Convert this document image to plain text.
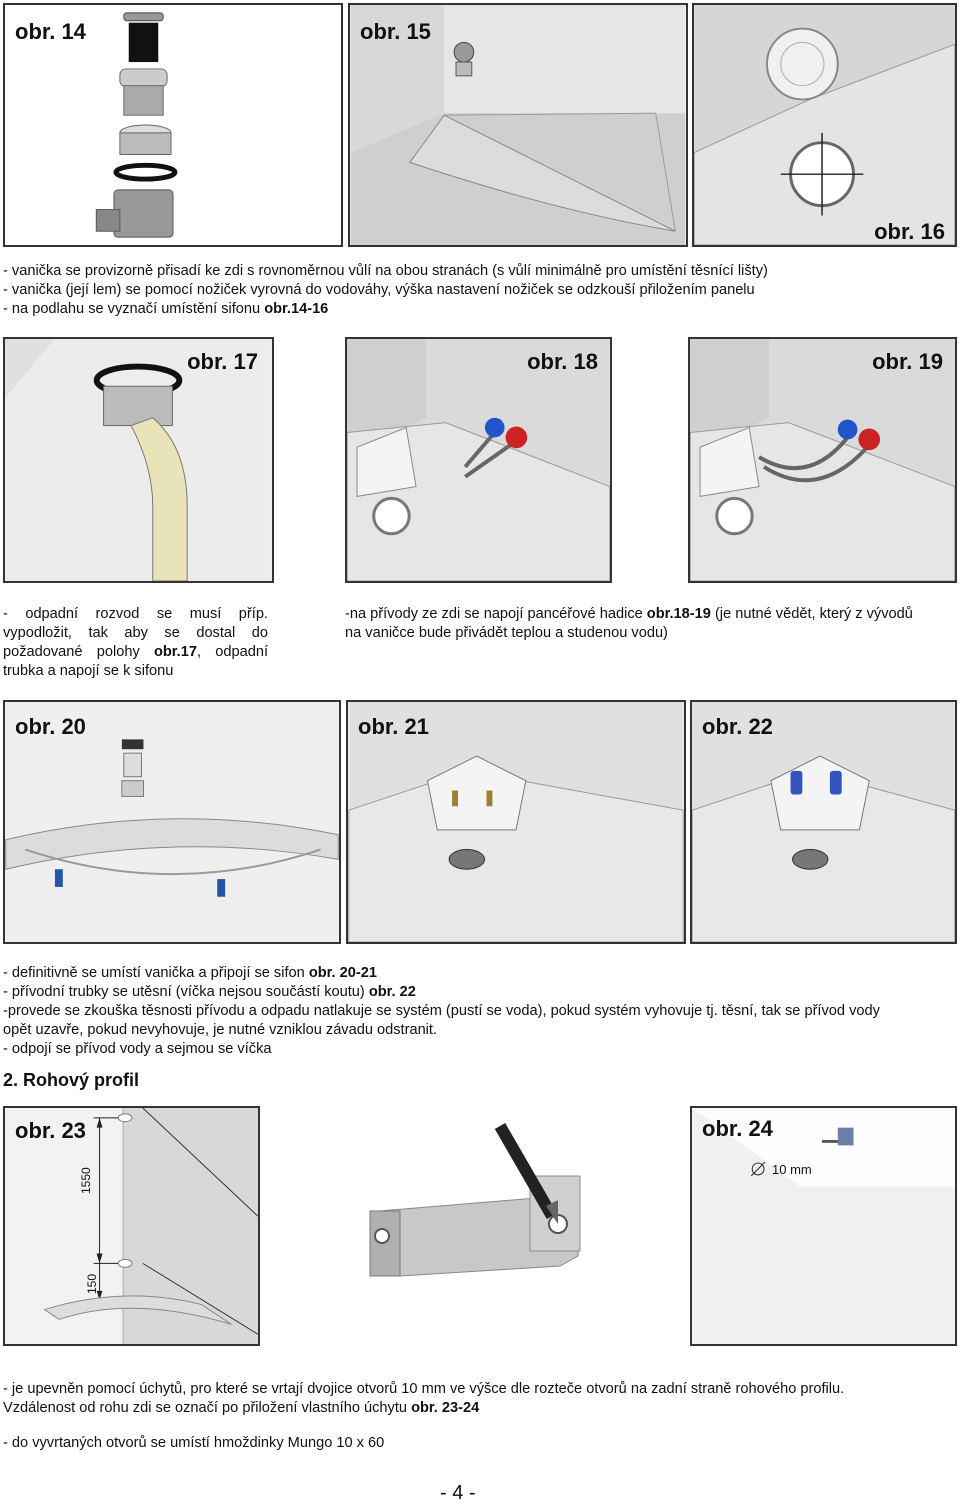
obr. 14	obr. 15
obr. 16
- vanička se provizorně přisadí ke zdi s rovnoměrnou vůlí na obou stranách (s vůlí minimálně pro umístění těsnící lišty)
- vanička (její lem) se pomocí nožiček vyrovná do vodováhy, výška nastavení nožiček se odzkouší přiložením panelu
- na podlahu se vyznačí umístění sifonu obr.14-16
obr. 17	obr. 18	obr. 19
- odpadní rozvod se musí příp.
vypodložit, tak aby se dostal do
požadované polohy obr.17, odpadní
trubka a napojí se k sifonu
-na přívody ze zdi se napojí pancéřové hadice obr.18-19 (je nutné vědět, který z vývodů
na vaničce bude přivádět teplou a studenou vodu)
obr. 20	obr. 21	obr. 22
- definitivně se umístí vanička a připojí se sifon obr. 20-21
- přívodní trubky se utěsní (víčka nejsou součástí koutu) obr. 22
-provede se zkouška těsnosti přívodu a odpadu natlakuje se systém (pustí se voda), pokud systém vyhovuje tj. těsní, tak se přívod vody
opět uzavře, pokud nevyhovuje, je nutné vzniklou závadu odstranit.
- odpojí se přívod vody a sejmou se víčka
2. Rohový profil
obr. 23
1550
150
obr. 24
10 mm
- je upevněn pomocí úchytů, pro které se vrtají dvojice otvorů 10 mm ve výšce dle rozteče otvorů na zadní straně rohového profilu.
Vzdálenost od rohu zdi se označí po přiložení vlastního úchytu obr. 23-24
- do vyvrtaných otvorů se umístí hmoždinky Mungo 10 x 60
- 4 -
